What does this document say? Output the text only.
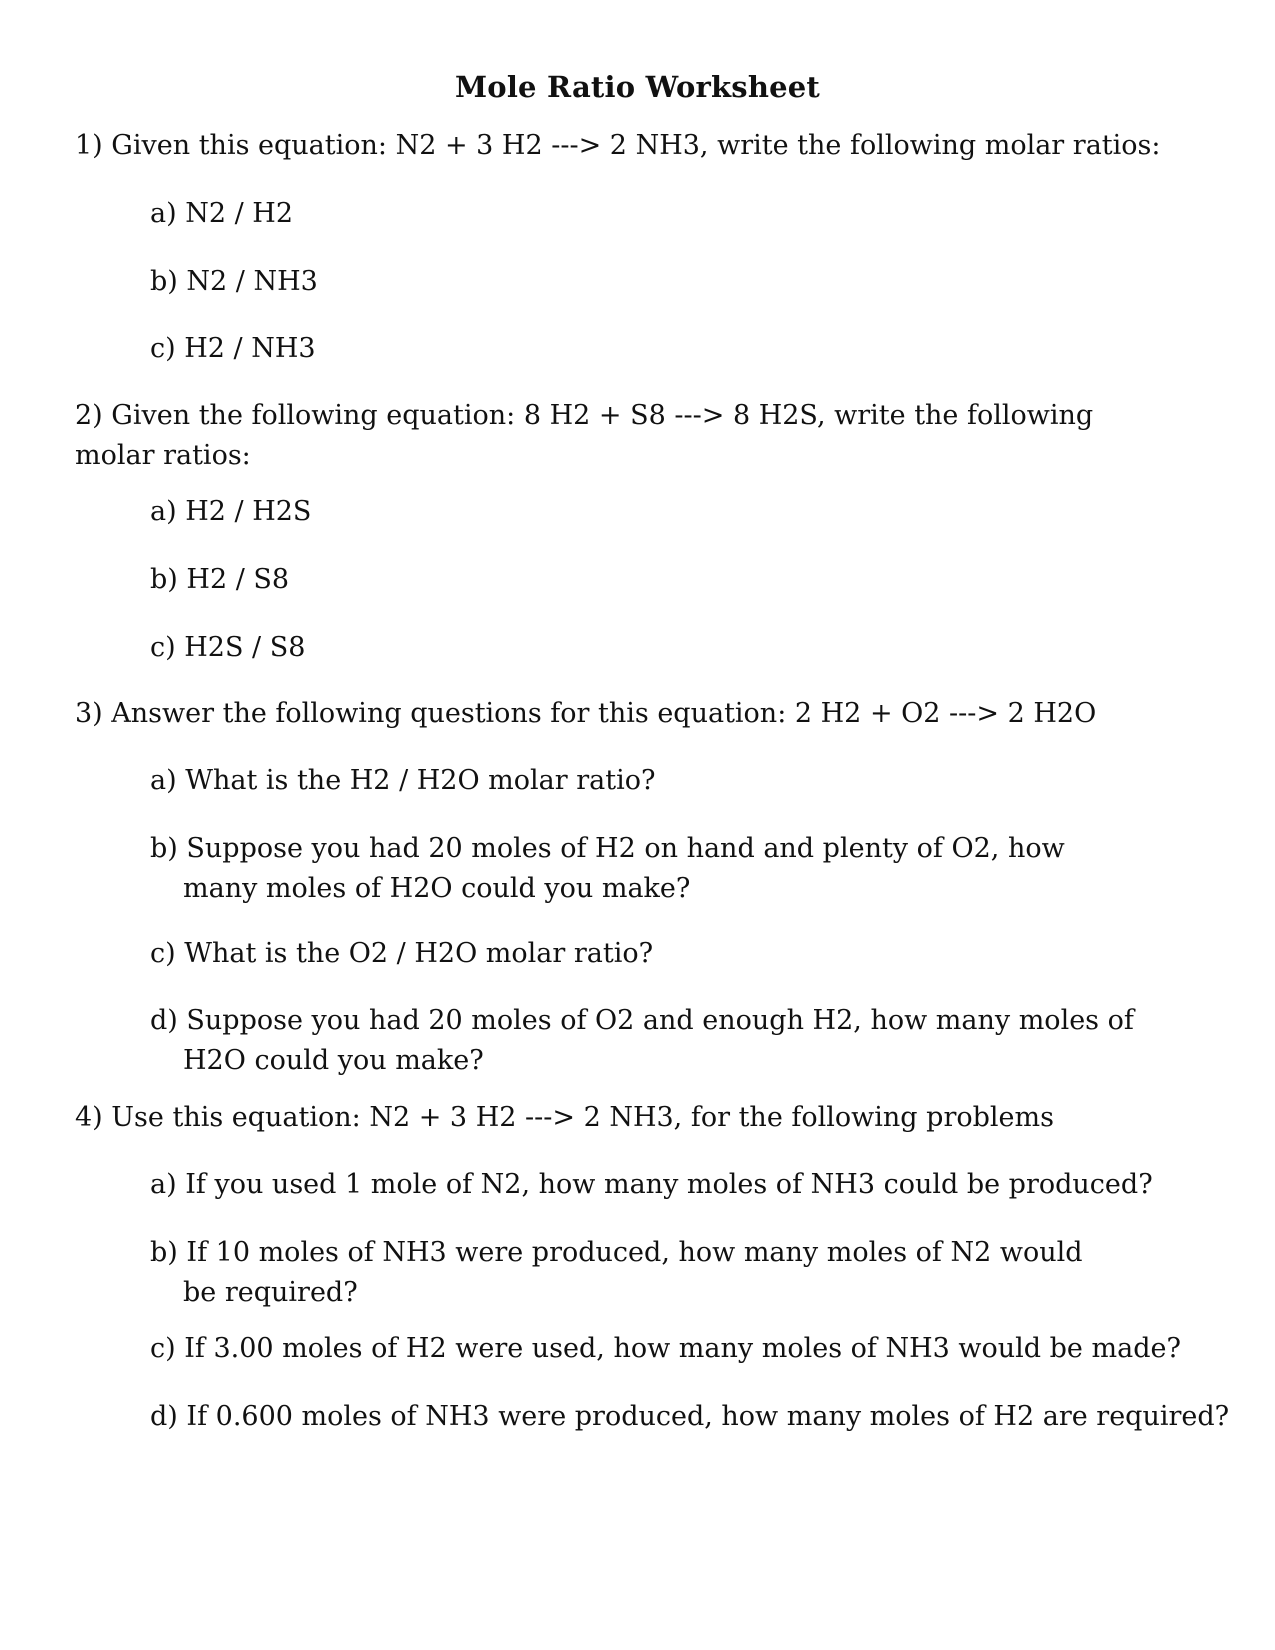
Mole Ratio Worksheet
1) Given this equation: N2 + 3 H2 ---> 2 NH3, write the following molar ratios:
a) N2 / H2
b) N2 / NH3
c) H2 / NH3
2) Given the following equation: 8 H2 + S8 ---> 8 H2S, write the following molar ratios:
a) H2 / H2S
b) H2 / S8
c) H2S / S8
3) Answer the following questions for this equation: 2 H2 + O2 ---> 2 H2O
a) What is the H2 / H2O molar ratio?
b) Suppose you had 20 moles of H2 on hand and plenty of O2, how many moles of H2O could you make?
c) What is the O2 / H2O molar ratio?
d) Suppose you had 20 moles of O2 and enough H2, how many moles of H2O could you make?
4) Use this equation: N2 + 3 H2 ---> 2 NH3, for the following problems
a) If you used 1 mole of N2, how many moles of NH3 could be produced?
b) If 10 moles of NH3 were produced, how many moles of N2 would be required?
c) If 3.00 moles of H2 were used, how many moles of NH3 would be made?
d) If 0.600 moles of NH3 were produced, how many moles of H2 are required?
